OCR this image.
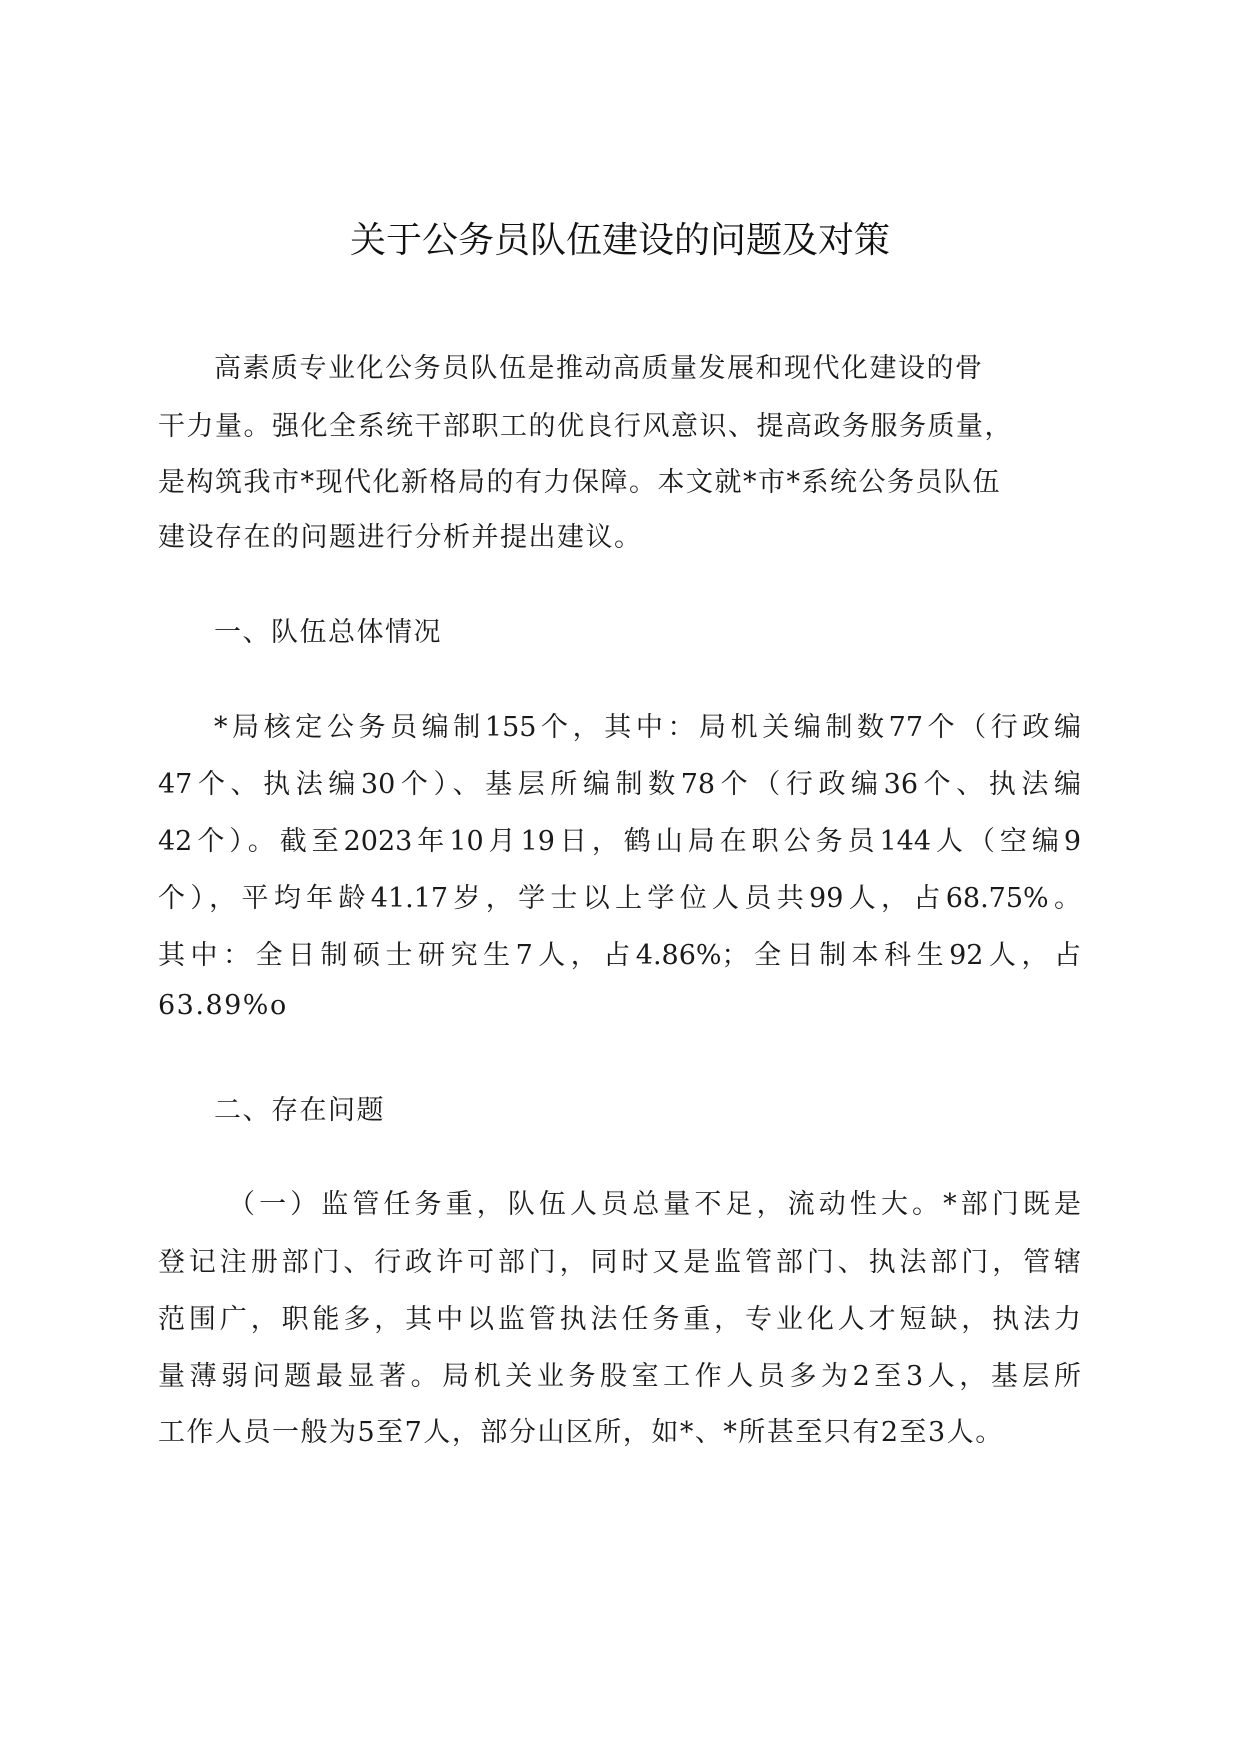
关于公务员队伍建设的问题及对策

高素质专业化公务员队伍是推动高质量发展和现代化建设的骨

干力量。强化全系统干部职工的优良行风意识、提高政务服务质量，

是构筑我市*现代化新格局的有力保障。本文就*市*系统公务员队伍

建设存在的问题进行分析并提出建议。

一、队伍总体情况

*局核定公务员编制155个，其中：局机关编制数77个（行政编

47个、执法编30个）、基层所编制数78个（行政编36个、执法编

42个）。截至2023年10月19日，鹤山局在职公务员144人（空编9

个），平均年龄41.17岁，学士以上学位人员共99人，占68.75%。

其中：全日制硕士研究生7人，占4.86%；全日制本科生92人，占

63.89%o

二、存在问题

（一）监管任务重，队伍人员总量不足，流动性大。*部门既是

登记注册部门、行政许可部门，同时又是监管部门、执法部门，管辖

范围广，职能多，其中以监管执法任务重，专业化人才短缺，执法力

量薄弱问题最显著。局机关业务股室工作人员多为2至3人，基层所

工作人员一般为5至7人，部分山区所，如*、*所甚至只有2至3人。
